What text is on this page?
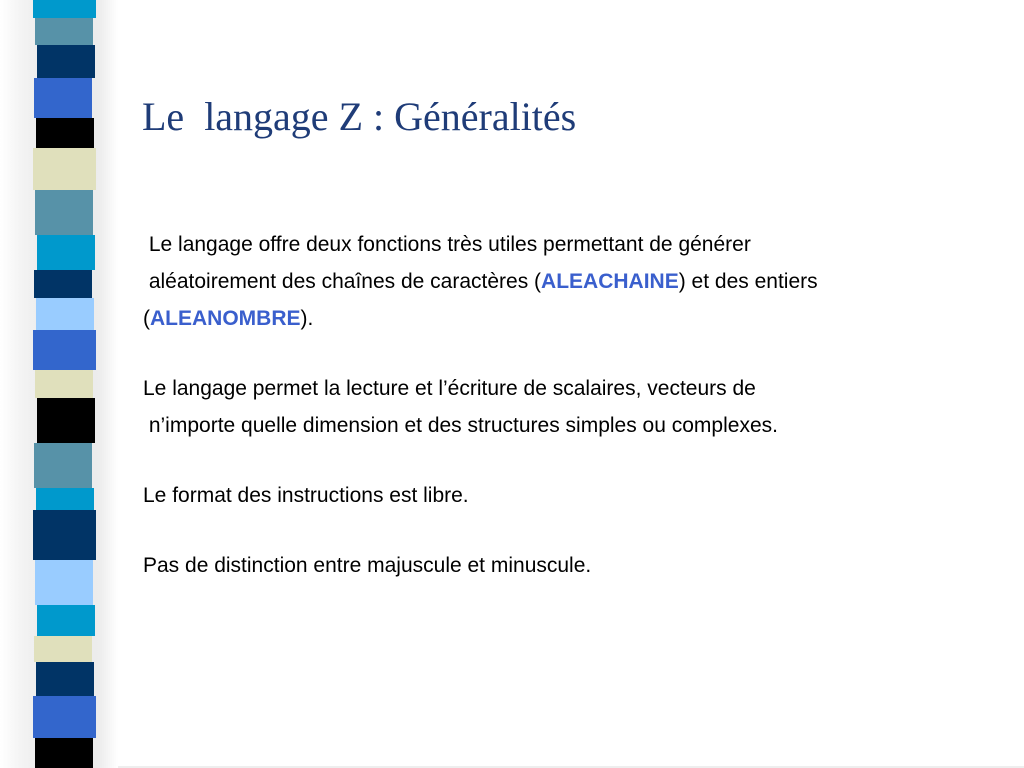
Le  langage Z : Généralités
Le langage offre deux fonctions très utiles permettant de générer
aléatoirement des chaînes de caractères (ALEACHAINE) et des entiers
(ALEANOMBRE).
Le langage permet la lecture et l’écriture de scalaires, vecteurs de
n’importe quelle dimension et des structures simples ou complexes.
Le format des instructions est libre.
Pas de distinction entre majuscule et minuscule.
